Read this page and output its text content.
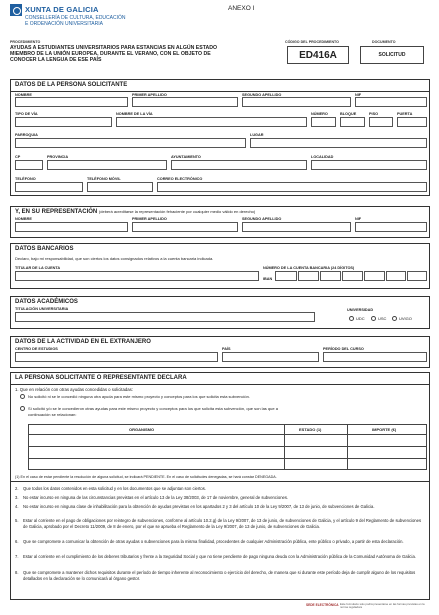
XUNTA DE GALICIA
CONSELLERÍA DE CULTURA, EDUCACIÓN
E ORDENACIÓN UNIVERSITARIA
ANEXO I
PROCEDIMIENTO
AYUDAS A ESTUDIANTES UNIVERSITARIOS PARA ESTANCIAS EN ALGÚN ESTADO
MIEMBRO DE LA UNIÓN EUROPEA, DURANTE EL VERANO, CON EL OBJETO DE
CONOCER LA LENGUA DE ESE PAÍS
CÓDIGO DEL PROCEDIMIENTO
ED416A
DOCUMENTO
SOLICITUD
DATOS DE LA PERSONA SOLICITANTE
NOMBRE	PRIMER APELLIDO	SEGUNDO APELLIDO	NIF
TIPO DE VÍA	NOMBRE DE LA VÍA	NÚMERO	BLOQUE	PISO	PUERTA
PARROQUIA	LUGAR
CP	PROVINCIA	AYUNTAMIENTO	LOCALIDAD
TELÉFONO	TELÉFONO MÓVIL	CORREO ELECTRÓNICO
Y, EN SU REPRESENTACIÓN (deberá acreditarse la representación fehaciente por cualquier medio válido en derecho)
NOMBRE	PRIMER APELLIDO	SEGUNDO APELLIDO	NIF
DATOS BANCARIOS
Declaro, bajo mi responsabilidad, que son ciertos los datos consignados relativos a la cuenta bancaria indicada.
TITULAR DE LA CUENTA	NÚMERO DE LA CUENTA BANCARIA (24 DÍGITOS)
IBAN
DATOS ACADÉMICOS
TITULACIÓN UNIVERSITARIA	UNIVERSIDAD
UDC	USC	UVIGO
DATOS DE LA ACTIVIDAD EN EL EXTRANJERO
CENTRO DE ESTUDIOS	PAÍS	PERÍODO DEL CURSO
LA PERSONA SOLICITANTE O REPRESENTANTE DECLARA
1. Que en relación con otras ayudas concedidas o solicitadas:
No solicitó ni se le concedió ninguna otra ayuda para este mismo proyecto y conceptos para los que solicita esta subvención.
Sí solicitó y/o se le concedieron otras ayudas para este mismo proyecto y conceptos para los que solicita esta subvención, que son las que a
continuación se relacionan:
ORGANISMO	ESTADO (1)	IMPORTE (€)
(1) En el caso de estar pendiente la resolución de alguna solicitud, se indicará PENDIENTE. En el caso de solicitudes denegadas, se hará constar DENEGADA.
2. Que todos los datos contenidos en esta solicitud y en los documentos que se adjuntan son ciertos.
3. No estar incurso en ninguna de las circunstancias previstas en el artículo 13 de la Ley 38/2003, de 17 de noviembre, general de subvenciones.
4. No estar incurso en ninguna clase de inhabilitación para la obtención de ayudas previstas en los apartados 2 y 3 del artículo 10 de la Ley 9/2007, de 13 de junio, de subvenciones de Galicia.
5. Estar al corriente en el pago de obligaciones por reintegro de subvenciones, conforme al artículo 10.2.g) de la Ley 9/2007, de 13 de junio, de subvenciones de Galicia, y el artículo 9 del Reglamento de subvenciones de Galicia, aprobado por el Decreto 11/2009, de 8 de enero, por el que se aprueba el Reglamento de la Ley 9/2007, de 13 de junio, de subvenciones de Galicia.
6. Que se compromete a comunicar la obtención de otras ayudas o subvenciones para la misma finalidad, procedentes de cualquier Administración pública, ente público o privado, a partir de esta declaración.
7. Estar al corriente en el cumplimiento de los deberes tributarios y frente a la Seguridad Social y que no tiene pendiente de pago ninguna deuda con la Administración pública de la Comunidad Autónoma de Galicia.
8. Que se compromete a mantener dichos requisitos durante el período de tiempo inherente al reconocimiento o ejercicio del derecho, de manera que si durante este período deja de cumplir alguno de los requisitos detallados en la declaración se lo comunicará al órgano gestor.
SEDE ELECTRÓNICA Este formulario solo podrá presentarse en las formas previstas en la norma reguladora
